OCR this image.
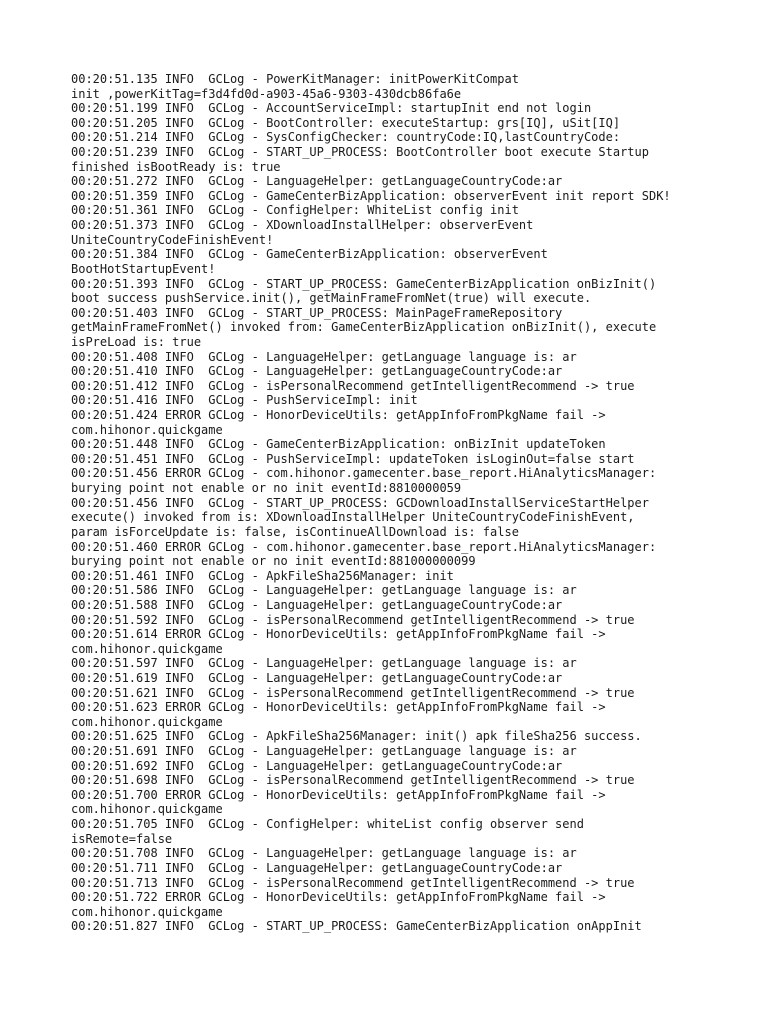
00:20:51.135 INFO  GCLog - PowerKitManager: initPowerKitCompat
init ,powerKitTag=f3d4fd0d-a903-45a6-9303-430dcb86fa6e
00:20:51.199 INFO  GCLog - AccountServiceImpl: startupInit end not login
00:20:51.205 INFO  GCLog - BootController: executeStartup: grs[IQ], uSit[IQ]
00:20:51.214 INFO  GCLog - SysConfigChecker: countryCode:IQ,lastCountryCode:
00:20:51.239 INFO  GCLog - START_UP_PROCESS: BootController boot execute Startup
finished isBootReady is: true
00:20:51.272 INFO  GCLog - LanguageHelper: getLanguageCountryCode:ar
00:20:51.359 INFO  GCLog - GameCenterBizApplication: observerEvent init report SDK!
00:20:51.361 INFO  GCLog - ConfigHelper: WhiteList config init
00:20:51.373 INFO  GCLog - XDownloadInstallHelper: observerEvent
UniteCountryCodeFinishEvent!
00:20:51.384 INFO  GCLog - GameCenterBizApplication: observerEvent
BootHotStartupEvent!
00:20:51.393 INFO  GCLog - START_UP_PROCESS: GameCenterBizApplication onBizInit()
boot success pushService.init(), getMainFrameFromNet(true) will execute.
00:20:51.403 INFO  GCLog - START_UP_PROCESS: MainPageFrameRepository
getMainFrameFromNet() invoked from: GameCenterBizApplication onBizInit(), execute
isPreLoad is: true
00:20:51.408 INFO  GCLog - LanguageHelper: getLanguage language is: ar
00:20:51.410 INFO  GCLog - LanguageHelper: getLanguageCountryCode:ar
00:20:51.412 INFO  GCLog - isPersonalRecommend getIntelligentRecommend -> true
00:20:51.416 INFO  GCLog - PushServiceImpl: init
00:20:51.424 ERROR GCLog - HonorDeviceUtils: getAppInfoFromPkgName fail ->
com.hihonor.quickgame
00:20:51.448 INFO  GCLog - GameCenterBizApplication: onBizInit updateToken
00:20:51.451 INFO  GCLog - PushServiceImpl: updateToken isLoginOut=false start
00:20:51.456 ERROR GCLog - com.hihonor.gamecenter.base_report.HiAnalyticsManager:
burying point not enable or no init eventId:8810000059
00:20:51.456 INFO  GCLog - START_UP_PROCESS: GCDownloadInstallServiceStartHelper
execute() invoked from is: XDownloadInstallHelper UniteCountryCodeFinishEvent,
param isForceUpdate is: false, isContinueAllDownload is: false
00:20:51.460 ERROR GCLog - com.hihonor.gamecenter.base_report.HiAnalyticsManager:
burying point not enable or no init eventId:881000000099
00:20:51.461 INFO  GCLog - ApkFileSha256Manager: init
00:20:51.586 INFO  GCLog - LanguageHelper: getLanguage language is: ar
00:20:51.588 INFO  GCLog - LanguageHelper: getLanguageCountryCode:ar
00:20:51.592 INFO  GCLog - isPersonalRecommend getIntelligentRecommend -> true
00:20:51.614 ERROR GCLog - HonorDeviceUtils: getAppInfoFromPkgName fail ->
com.hihonor.quickgame
00:20:51.597 INFO  GCLog - LanguageHelper: getLanguage language is: ar
00:20:51.619 INFO  GCLog - LanguageHelper: getLanguageCountryCode:ar
00:20:51.621 INFO  GCLog - isPersonalRecommend getIntelligentRecommend -> true
00:20:51.623 ERROR GCLog - HonorDeviceUtils: getAppInfoFromPkgName fail ->
com.hihonor.quickgame
00:20:51.625 INFO  GCLog - ApkFileSha256Manager: init() apk fileSha256 success.
00:20:51.691 INFO  GCLog - LanguageHelper: getLanguage language is: ar
00:20:51.692 INFO  GCLog - LanguageHelper: getLanguageCountryCode:ar
00:20:51.698 INFO  GCLog - isPersonalRecommend getIntelligentRecommend -> true
00:20:51.700 ERROR GCLog - HonorDeviceUtils: getAppInfoFromPkgName fail ->
com.hihonor.quickgame
00:20:51.705 INFO  GCLog - ConfigHelper: whiteList config observer send
isRemote=false
00:20:51.708 INFO  GCLog - LanguageHelper: getLanguage language is: ar
00:20:51.711 INFO  GCLog - LanguageHelper: getLanguageCountryCode:ar
00:20:51.713 INFO  GCLog - isPersonalRecommend getIntelligentRecommend -> true
00:20:51.722 ERROR GCLog - HonorDeviceUtils: getAppInfoFromPkgName fail ->
com.hihonor.quickgame
00:20:51.827 INFO  GCLog - START_UP_PROCESS: GameCenterBizApplication onAppInit
